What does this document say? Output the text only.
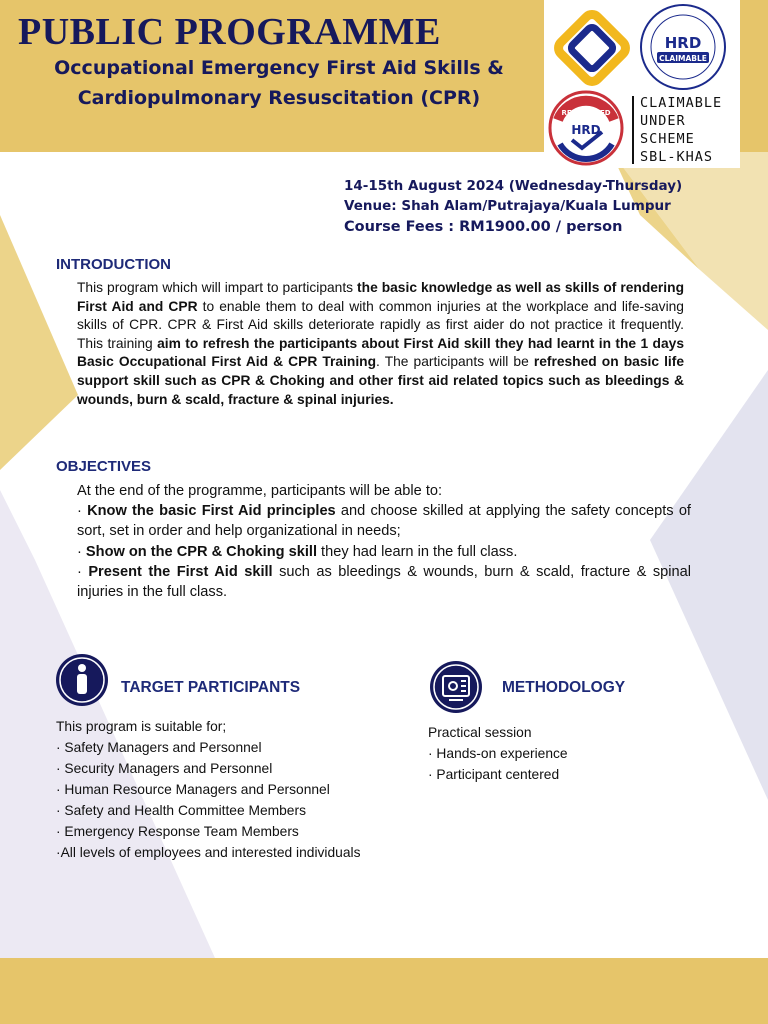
PUBLIC PROGRAMME
Occupational Emergency First Aid Skills & Cardiopulmonary Resuscitation (CPR)
HRD
CLAIMABLE
REGISTERED
HRD
CLAIMABLE
UNDER
SCHEME
SBL-KHAS
14-15th August 2024 (Wednesday-Thursday)
Venue: Shah Alam/Putrajaya/Kuala Lumpur
Course Fees : RM1900.00 / person
INTRODUCTION
This program which will impart to participants the basic knowledge as well as skills of rendering First Aid and CPR to enable them to deal with common injuries at the workplace and life-saving skills of CPR. CPR & First Aid skills deteriorate rapidly as first aider do not practice it frequently. This training aim to refresh the participants about First Aid skill they had learnt in the 1 days Basic Occupational First Aid & CPR Training. The participants will be refreshed on basic life support skill such as CPR & Choking and other first aid related topics such as bleedings & wounds, burn & scald, fracture & spinal injuries.
OBJECTIVES
At the end of the programme, participants will be able to:
· Know the basic First Aid principles and choose skilled at applying the safety concepts of sort, set in order and help organizational in needs;
· Show on the CPR & Choking skill they had learn in the full class.
· Present the First Aid skill such as bleedings & wounds, burn & scald, fracture & spinal injuries in the full class.
TARGET PARTICIPANTS
This program is suitable for;
· Safety Managers and Personnel
· Security Managers and Personnel
· Human Resource Managers and Personnel
· Safety and Health Committee Members
· Emergency Response Team Members
·All levels of employees and interested individuals
METHODOLOGY
Practical session
· Hands-on experience
· Participant centered
